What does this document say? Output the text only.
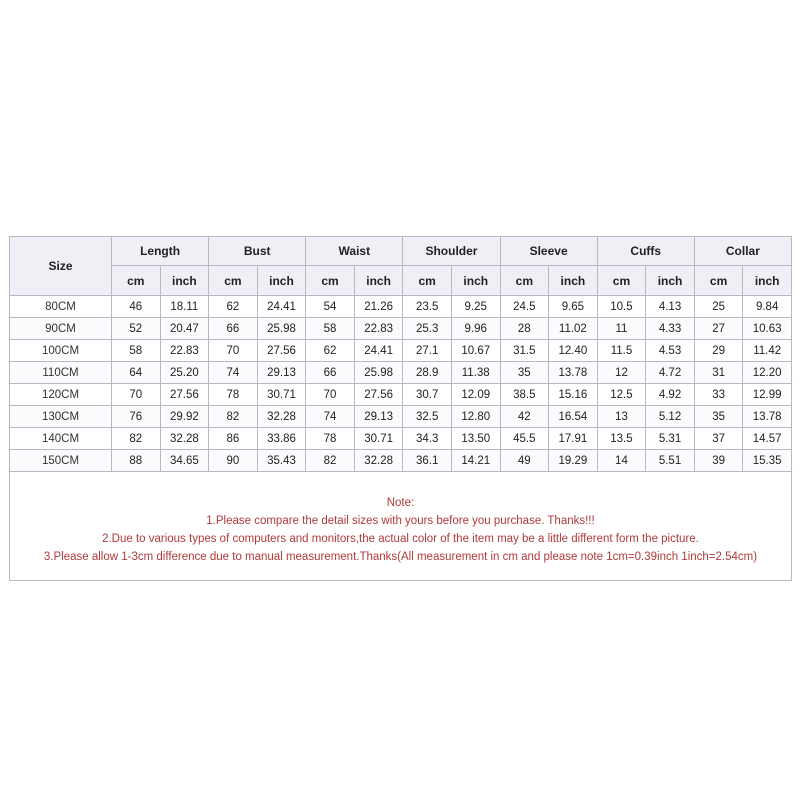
Size	Length		Bust		Waist		Shoulder		Sleeve		Cuffs		Collar	
	cm	inch	cm	inch	cm	inch	cm	inch	cm	inch	cm	inch	cm	inch
80CM	46	18.11	62	24.41	54	21.26	23.5	9.25	24.5	9.65	10.5	4.13	25	9.84
90CM	52	20.47	66	25.98	58	22.83	25.3	9.96	28	11.02	11	4.33	27	10.63
100CM	58	22.83	70	27.56	62	24.41	27.1	10.67	31.5	12.40	11.5	4.53	29	11.42
110CM	64	25.20	74	29.13	66	25.98	28.9	11.38	35	13.78	12	4.72	31	12.20
120CM	70	27.56	78	30.71	70	27.56	30.7	12.09	38.5	15.16	12.5	4.92	33	12.99
130CM	76	29.92	82	32.28	74	29.13	32.5	12.80	42	16.54	13	5.12	35	13.78
140CM	82	32.28	86	33.86	78	30.71	34.3	13.50	45.5	17.91	13.5	5.31	37	14.57
150CM	88	34.65	90	35.43	82	32.28	36.1	14.21	49	19.29	14	5.51	39	15.35

Note:
1.Please compare the detail sizes with yours before you purchase. Thanks!!!
2.Due to various types of computers and monitors,the actual color of the item may be a little different form the picture.
3.Please allow 1-3cm difference due to manual measurement.Thanks(All measurement in cm and please note 1cm=0.39inch 1inch=2.54cm)														
